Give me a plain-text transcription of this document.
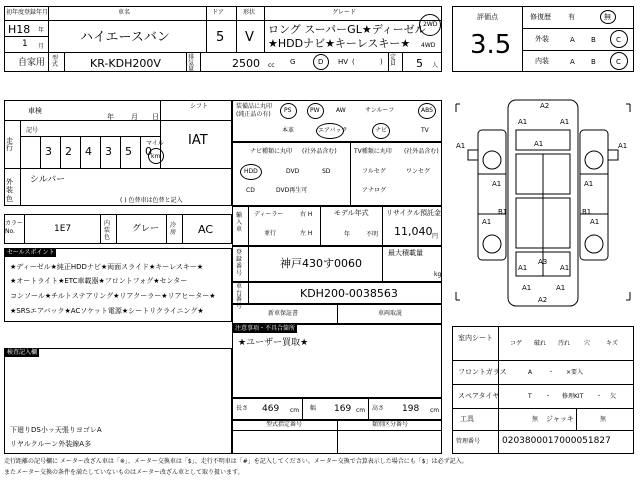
初年度登録年月	車名	ドア	形状	グレード
H18 年
1 月
ハイエースバン	5 V
ロング スーパーGL★ディーゼル
★HDDナビ★キーレスキー★
2WD
4WD
自家用 型式	KR-KDH200V	排気量	2500 cc G	D HV (	)
定員	5 人
評価点
3.5
修復歴 有	無
外装	A B	C
内装	A B	C
車検
年 月 日
走行
記号
3 2 4 3 5 0
マイル
km
シフト
IAT
外装色
シルバー
( ) 色替車は色替と記入
カラーNo.	1E7
内装色
グレー 冷房	AC
装備品に丸印
(純正品の有)
PS	PW	AW	サンルーフ	ABS
本革	エアバック	ナビ	TV
ナビ種類に丸印 (社外品含む)
HDD	DVD	SD
CD	DVD再生可
TV種類に丸印 (社外品含む)
フルセグ	ワンセグ
アナログ
輸入車
ディーラー	右 H
並行	左 H
モデル年式
年	不明
リサイクル預託金
11,040 円
登録番号
神戸430す0060
最大積載量
kg
車台番号
KDH200-0038563
新車保証書	車両取説
セールスポイント
★ディーゼル★純正HDDナビ★両面スライド★キーレスキー★
★オートライト★ETC車載器★フロントフォグ★センター
コンソール★チルトステアリング★リアクーラー★リアヒーター★
★SRSエアバック★ACソケット電源★シートリクライニング★
注意事項・不具合箇所
★ユーザー買取★
検査記入欄
下廻りDS小ッ天張りヨゴレA
リヤルクルーン外装線A多
長さ 469 cm 幅 169 cm 高さ 198 cm
型式指定番号	類別区分番号
室内シート
コゲ 破れ 汚れ 穴	キズ
フロントガラス	A	・ ×要入
スペアタイヤ	T ・ 修理KIT ・ 欠
工具	無 ジャッキ	無
管理番号 0203800017000051827
A2
A1	A1
A1
A1	A1
A1	A1
A1	A1
B1	B1
A1	A1
A1	A1
A2
A3
走行距離の記号欄に メーター改ざん車は「※」、メーター交換車は「$」、走行不明車は「#」を記入してください。メーター交換で合算表示した場合にも「$」は必ず記入。
またメーター交換の条件を満たしていないものはメーター改ざん車として取り扱います。
